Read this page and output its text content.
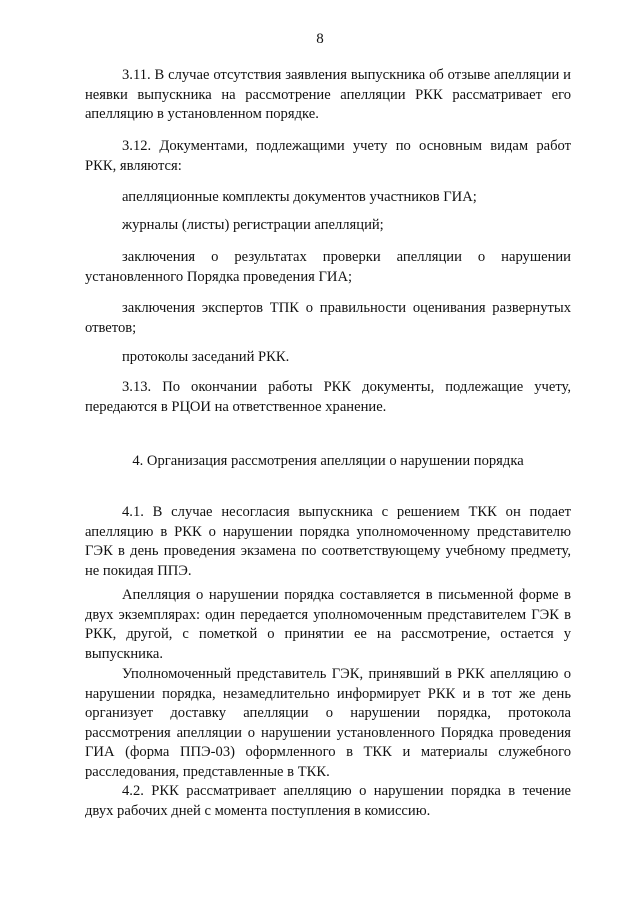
8

3.11. В случае отсутствия заявления выпускника об отзыве апелляции и неявки выпускника на рассмотрение апелляции РКК рассматривает его апелляцию в установленном порядке.

3.12. Документами, подлежащими учету по основным видам работ РКК, являются:

апелляционные комплекты документов участников ГИА;

журналы (листы) регистрации апелляций;

заключения о результатах проверки апелляции о нарушении установленного Порядка проведения ГИА;

заключения экспертов ТПК о правильности оценивания развернутых ответов;

протоколы заседаний РКК.

3.13. По окончании работы РКК документы, подлежащие учету, передаются в РЦОИ на ответственное хранение.

4. Организация рассмотрения апелляции о нарушении порядка

4.1. В случае несогласия выпускника с решением ТКК он подает апелляцию в РКК о нарушении порядка уполномоченному представителю ГЭК в день проведения экзамена по соответствующему учебному предмету, не покидая ППЭ.

Апелляция о нарушении порядка составляется в письменной форме в двух экземплярах: один передается уполномоченным представителем ГЭК в РКК, другой, с пометкой о принятии ее на рассмотрение, остается у выпускника.

Уполномоченный представитель ГЭК, принявший в РКК апелляцию о нарушении порядка, незамедлительно информирует РКК и в тот же день организует доставку апелляции о нарушении порядка, протокола рассмотрения апелляции о нарушении установленного Порядка проведения ГИА (форма ППЭ-03) оформленного в ТКК и материалы служебного расследования, представленные в ТКК.

4.2. РКК рассматривает апелляцию о нарушении порядка в течение двух рабочих дней с момента поступления в комиссию.
